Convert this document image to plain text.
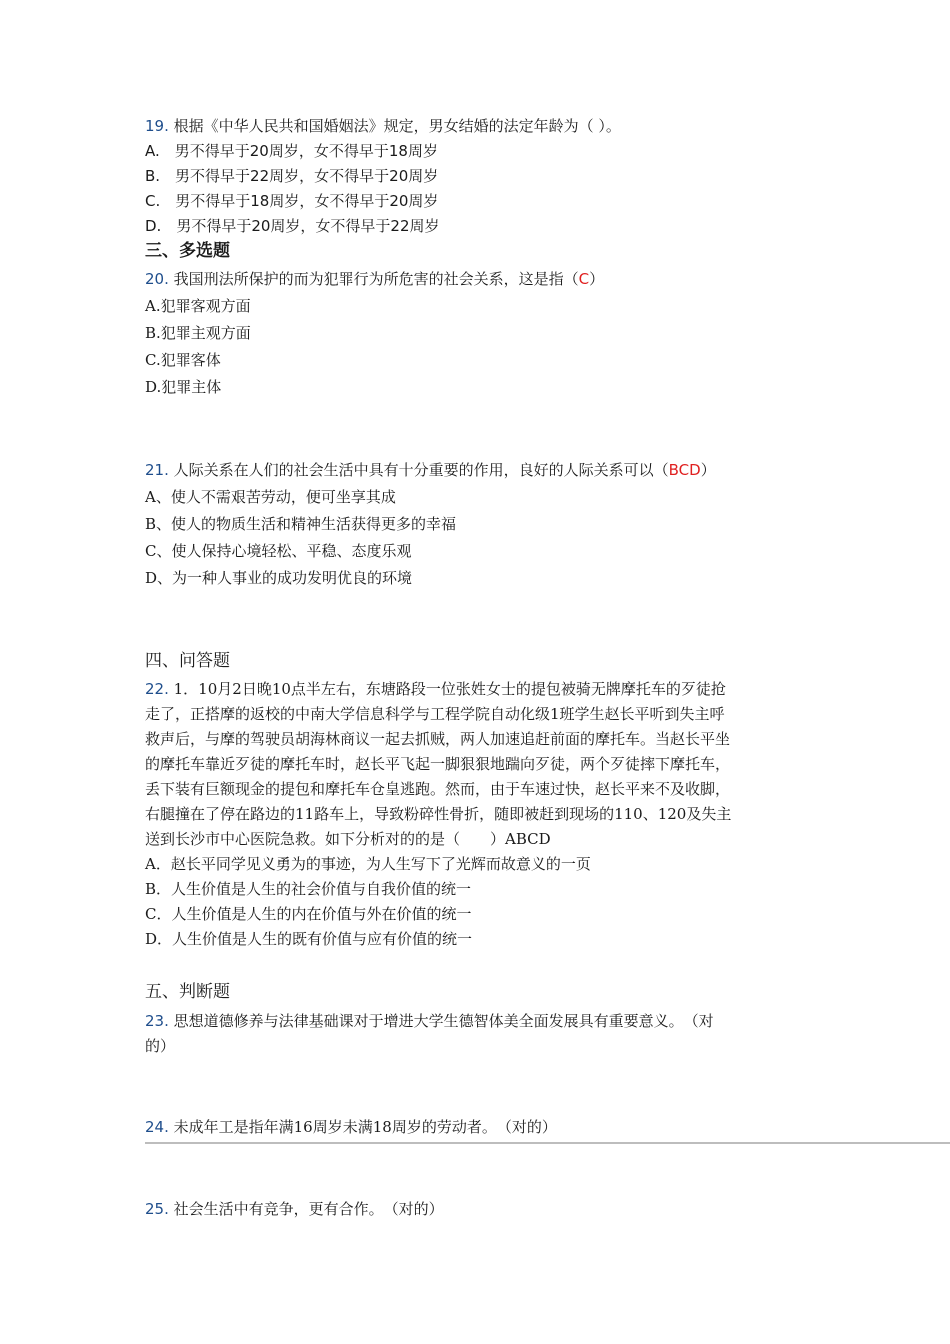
19. 根据《中华人民共和国婚姻法》规定，男女结婚的法定年龄为（ ）。
A.　男不得早于20周岁，女不得早于18周岁
B.　男不得早于22周岁，女不得早于20周岁
C.　男不得早于18周岁，女不得早于20周岁
D.　男不得早于20周岁，女不得早于22周岁
三、多选题
20. 我国刑法所保护的而为犯罪行为所危害的社会关系，这是指（C）
A.犯罪客观方面
B.犯罪主观方面
C.犯罪客体
D.犯罪主体
21. 人际关系在人们的社会生活中具有十分重要的作用，良好的人际关系可以（BCD）
A、使人不需艰苦劳动，便可坐享其成
B、使人的物质生活和精神生活获得更多的幸福
C、使人保持心境轻松、平稳、态度乐观
D、为一种人事业的成功发明优良的环境
四、问答题
22. 1．10月2日晚10点半左右，东塘路段一位张姓女士的提包被骑无牌摩托车的歹徒抢
走了，正搭摩的返校的中南大学信息科学与工程学院自动化级1班学生赵长平听到失主呼
救声后，与摩的驾驶员胡海林商议一起去抓贼，两人加速追赶前面的摩托车。当赵长平坐
的摩托车靠近歹徒的摩托车时，赵长平飞起一脚狠狠地踹向歹徒，两个歹徒摔下摩托车，
丢下装有巨额现金的提包和摩托车仓皇逃跑。然而，由于车速过快，赵长平来不及收脚，
右腿撞在了停在路边的11路车上，导致粉碎性骨折，随即被赶到现场的110、120及失主
送到长沙市中心医院急救。如下分析对的的是（　　）ABCD
A．赵长平同学见义勇为的事迹，为人生写下了光辉而故意义的一页
B．人生价值是人生的社会价值与自我价值的统一
C．人生价值是人生的内在价值与外在价值的统一
D．人生价值是人生的既有价值与应有价值的统一
五、判断题
23. 思想道德修养与法律基础课对于增进大学生德智体美全面发展具有重要意义。　（对
的）
24. 未成年工是指年满16周岁未满18周岁的劳动者。　 （对的）
25. 社会生活中有竞争，更有合作。　 （对的）
